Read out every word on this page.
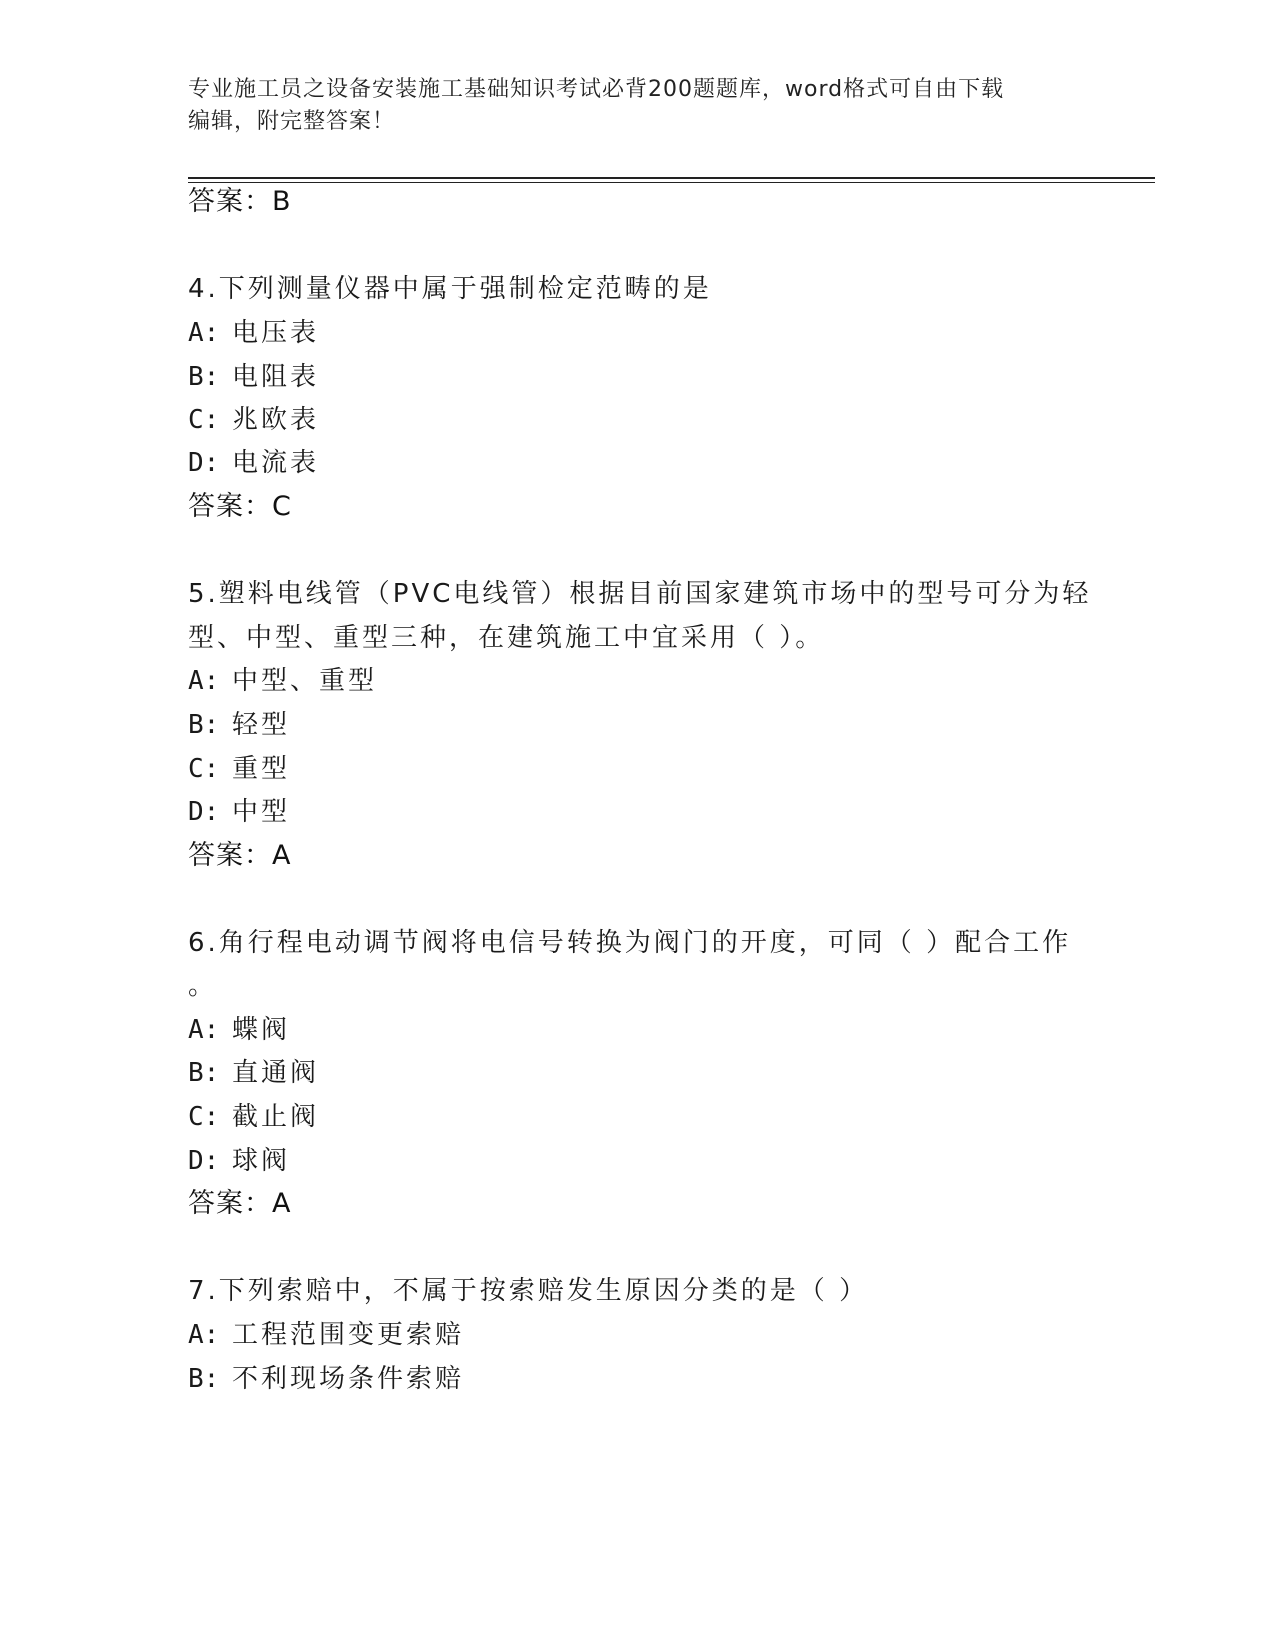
专业施工员之设备安装施工基础知识考试必背200题题库，word格式可自由下载
编辑，附完整答案！
答案：B
4.下列测量仪器中属于强制检定范畴的是
A: 电压表
B: 电阻表
C: 兆欧表
D: 电流表
答案：C
5.塑料电线管（PVC电线管）根据目前国家建筑市场中的型号可分为轻
型、中型、重型三种，在建筑施工中宜采用（ ）。
A: 中型、重型
B: 轻型
C: 重型
D: 中型
答案：A
6.角行程电动调节阀将电信号转换为阀门的开度，可同（ ）配合工作
。
A: 蝶阀
B: 直通阀
C: 截止阀
D: 球阀
答案：A
7.下列索赔中，不属于按索赔发生原因分类的是（ ）
A: 工程范围变更索赔
B: 不利现场条件索赔
